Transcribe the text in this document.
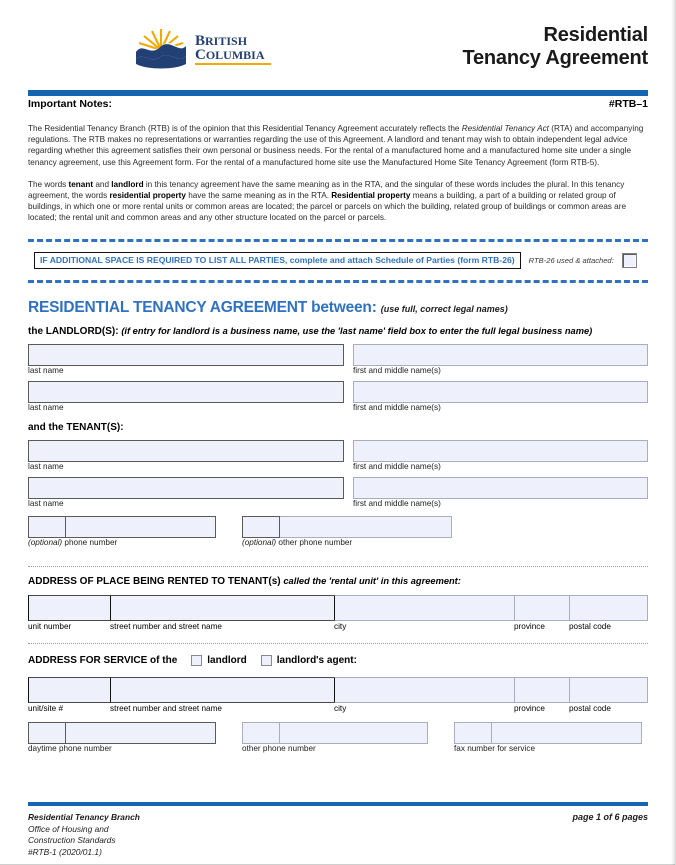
BRITISH
COLUMBIA
Residential
Tenancy Agreement
Important Notes:	#RTB–1
The Residential Tenancy Branch (RTB) is of the opinion that this Residential Tenancy Agreement accurately reflects the Residential Tenancy Act (RTA) and accompanying regulations. The RTB makes no representations or warranties regarding the use of this Agreement. A landlord and tenant may wish to obtain independent legal advice regarding whether this agreement satisfies their own personal or business needs. For the rental of a manufactured home and a manufactured home site under a single tenancy agreement, use this Agreement form. For the rental of a manufactured home site use the Manufactured Home Site Tenancy Agreement (form RTB-5).
The words tenant and landlord in this tenancy agreement have the same meaning as in the RTA, and the singular of these words includes the plural. In this tenancy agreement, the words residential property have the same meaning as in the RTA. Residential property means a building, a part of a building or related group of buildings, in which one or more rental units or common areas are located; the parcel or parcels on which the building, related group of buildings or common areas are located; the rental unit and common areas and any other structure located on the parcel or parcels.
IF ADDITIONAL SPACE IS REQUIRED TO LIST ALL PARTIES, complete and attach Schedule of Parties (form RTB-26)	RTB-26 used & attached:
RESIDENTIAL TENANCY AGREEMENT between: (use full, correct legal names)
the LANDLORD(S): (if entry for landlord is a business name, use the 'last name' field box to enter the full legal business name)
last name	first and middle name(s)
last name	first and middle name(s)
and the TENANT(S):
last name	first and middle name(s)
last name	first and middle name(s)
(optional) phone number	(optional) other phone number
ADDRESS OF PLACE BEING RENTED TO TENANT(s) called the 'rental unit' in this agreement:
unit number	street number and street name	city	province	postal code
ADDRESS FOR SERVICE of the	landlord	landlord's agent:
unit/site #	street number and street name	city	province	postal code
daytime phone number	other phone number	fax number for service
Residential Tenancy Branch
Office of Housing and
Construction Standards
#RTB-1 (2020/01.1)
page 1 of 6 pages
